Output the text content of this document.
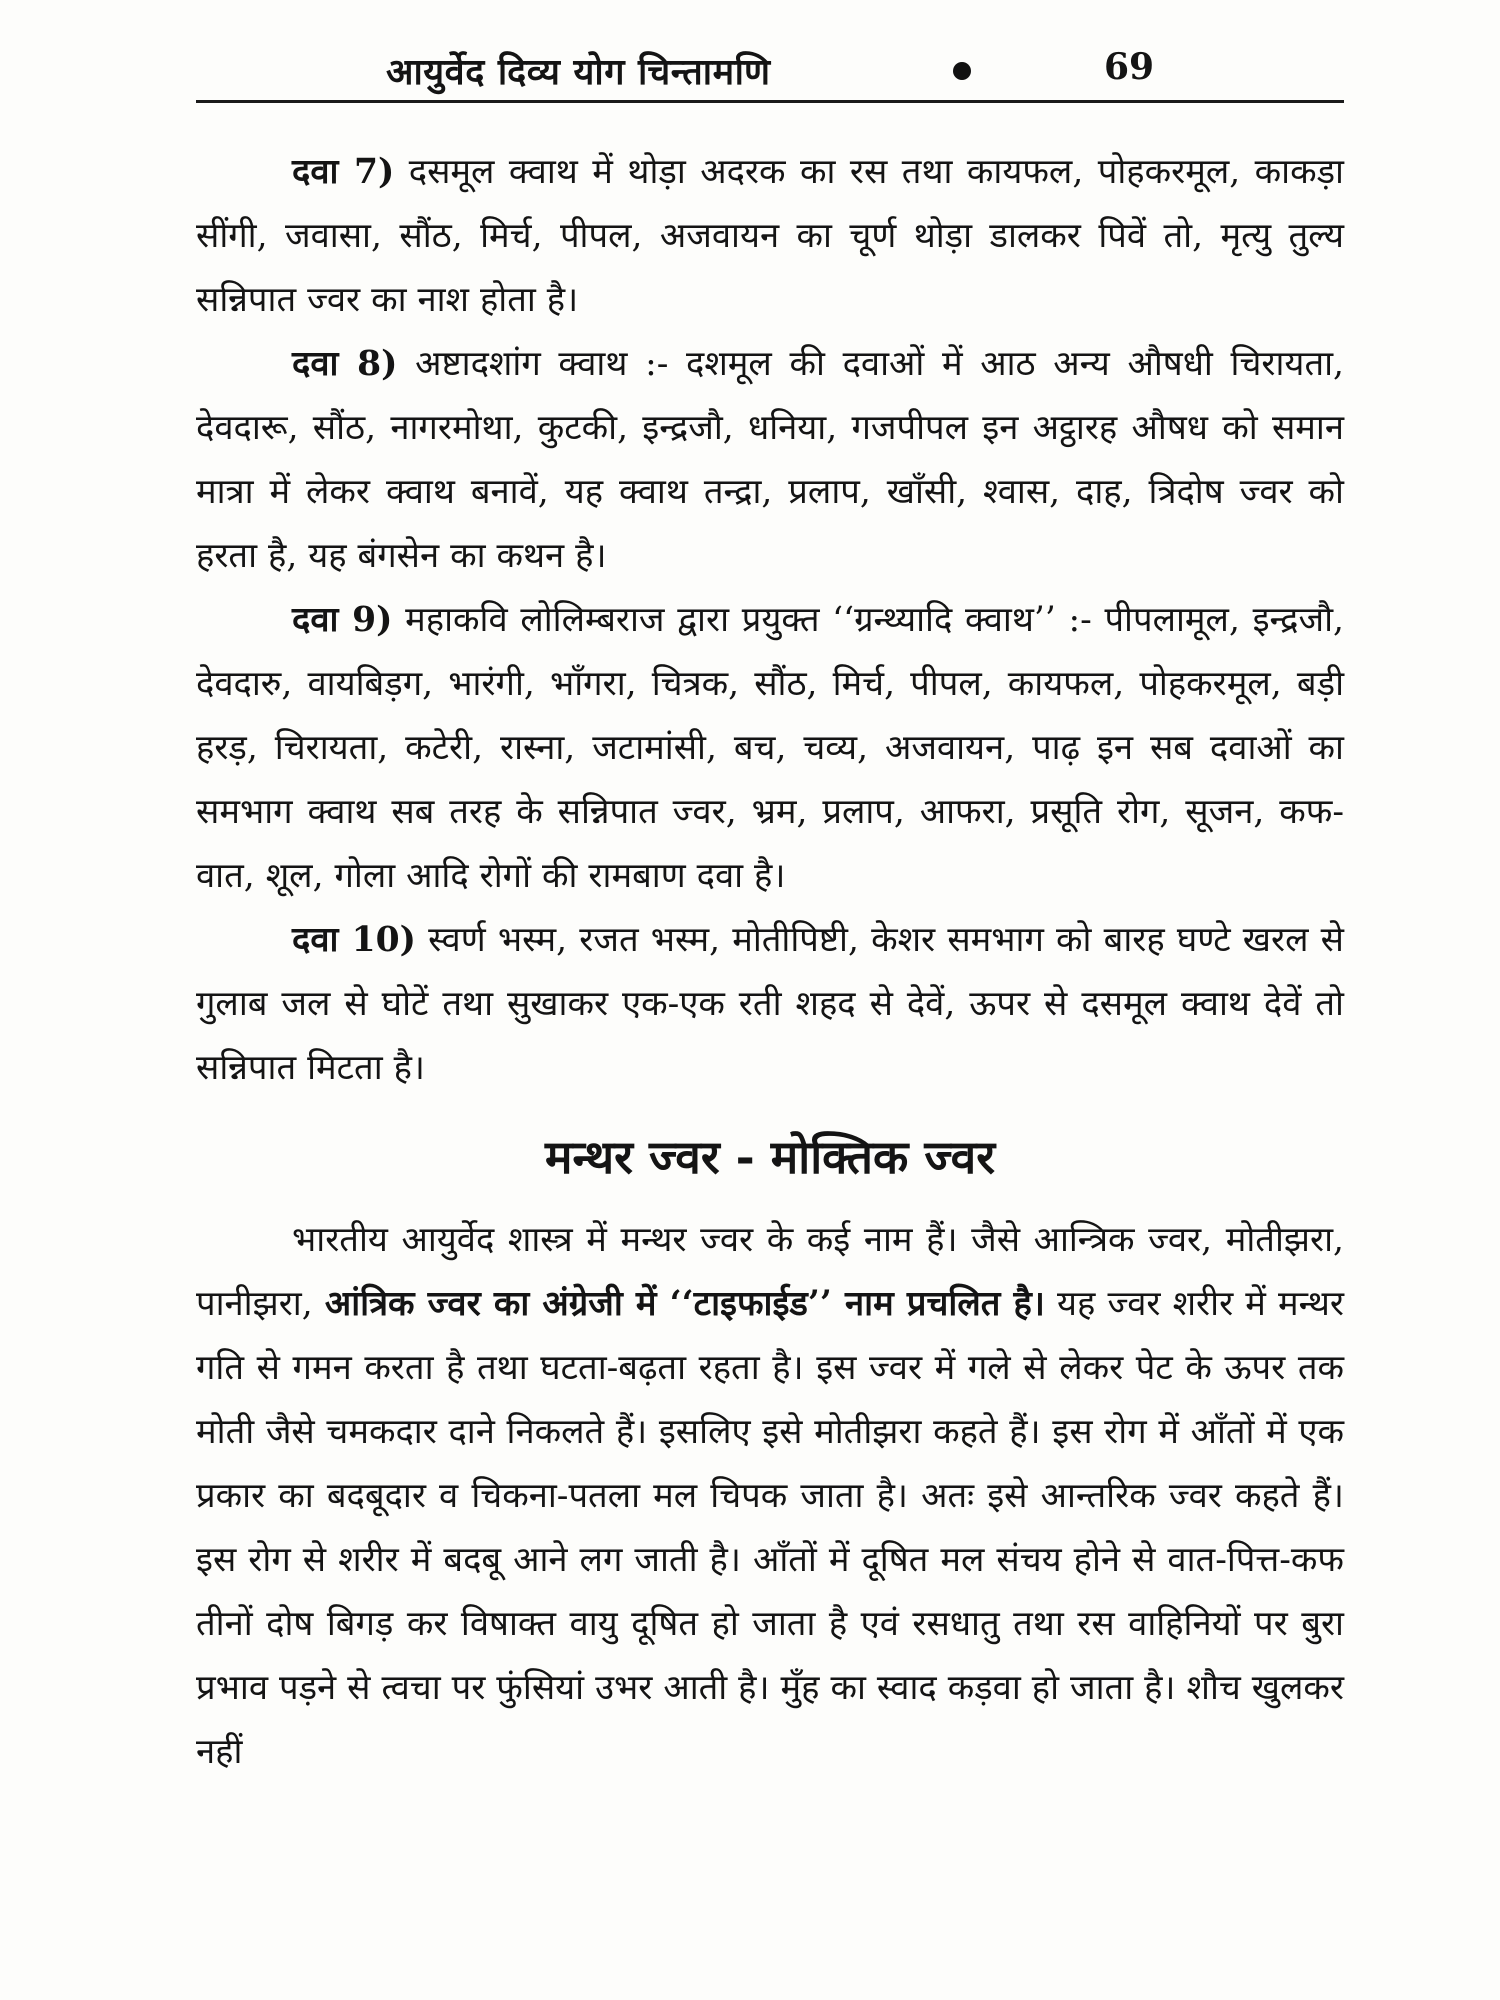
आयुर्वेद दिव्य योग चिन्तामणि	69

दवा 7) दसमूल क्वाथ में थोड़ा अदरक का रस तथा कायफल, पोहकरमूल, काकड़ा सींगी, जवासा, सौंठ, मिर्च, पीपल, अजवायन का चूर्ण थोड़ा डालकर पिवें तो, मृत्यु तुल्य सन्निपात ज्वर का नाश होता है।

दवा 8) अष्टादशांग क्वाथ :- दशमूल की दवाओं में आठ अन्य औषधी चिरायता, देवदारू, सौंठ, नागरमोथा, कुटकी, इन्द्रजौ, धनिया, गजपीपल इन अट्ठारह औषध को समान मात्रा में लेकर क्वाथ बनावें, यह क्वाथ तन्द्रा, प्रलाप, खाँसी, श्वास, दाह, त्रिदोष ज्वर को हरता है, यह बंगसेन का कथन है।

दवा 9) महाकवि लोलिम्बराज द्वारा प्रयुक्त ‘‘ग्रन्थ्यादि क्वाथ’’ :- पीपलामूल, इन्द्रजौ, देवदारु, वायबिड़ग, भारंगी, भाँगरा, चित्रक, सौंठ, मिर्च, पीपल, कायफल, पोहकरमूल, बड़ी हरड़, चिरायता, कटेरी, रास्ना, जटामांसी, बच, चव्य, अजवायन, पाढ़ इन सब दवाओं का समभाग क्वाथ सब तरह के सन्निपात ज्वर, भ्रम, प्रलाप, आफरा, प्रसूति रोग, सूजन, कफ-वात, शूल, गोला आदि रोगों की रामबाण दवा है।

दवा 10) स्वर्ण भस्म, रजत भस्म, मोतीपिष्टी, केशर समभाग को बारह घण्टे खरल से गुलाब जल से घोटें तथा सुखाकर एक-एक रती शहद से देवें, ऊपर से दसमूल क्वाथ देवें तो सन्निपात मिटता है।

मन्थर ज्वर - मोक्तिक ज्वर

भारतीय आयुर्वेद शास्त्र में मन्थर ज्वर के कई नाम हैं। जैसे आन्त्रिक ज्वर, मोतीझरा, पानीझरा, आंत्रिक ज्वर का अंग्रेजी में ‘‘टाइफाईड’’ नाम प्रचलित है। यह ज्वर शरीर में मन्थर गति से गमन करता है तथा घटता-बढ़ता रहता है। इस ज्वर में गले से लेकर पेट के ऊपर तक मोती जैसे चमकदार दाने निकलते हैं। इसलिए इसे मोतीझरा कहते हैं। इस रोग में आँतों में एक प्रकार का बदबूदार व चिकना-पतला मल चिपक जाता है। अतः इसे आन्तरिक ज्वर कहते हैं। इस रोग से शरीर में बदबू आने लग जाती है। आँतों में दूषित मल संचय होने से वात-पित्त-कफ तीनों दोष बिगड़ कर विषाक्त वायु दूषित हो जाता है एवं रसधातु तथा रस वाहिनियों पर बुरा प्रभाव पड़ने से त्वचा पर फुंसियां उभर आती है। मुँह का स्वाद कड़वा हो जाता है। शौच खुलकर नहीं
